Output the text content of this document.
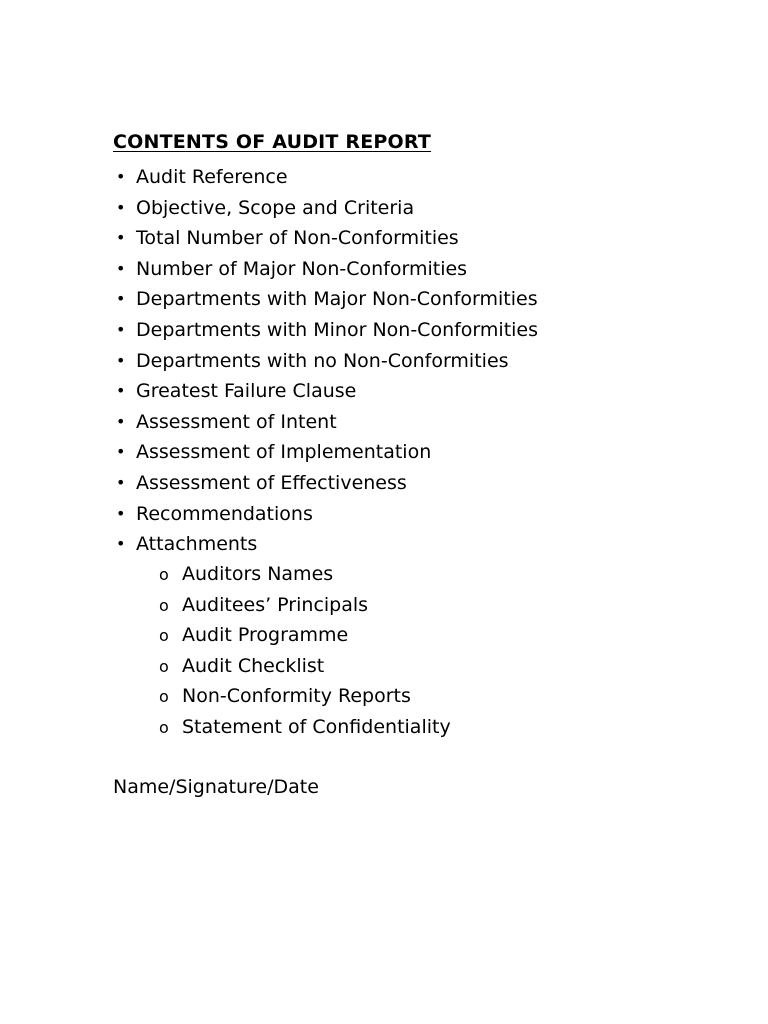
CONTENTS OF AUDIT REPORT
• Audit Reference
• Objective, Scope and Criteria
• Total Number of Non-Conformities
• Number of Major Non-Conformities
• Departments with Major Non-Conformities
• Departments with Minor Non-Conformities
• Departments with no Non-Conformities
• Greatest Failure Clause
• Assessment of Intent
• Assessment of Implementation
• Assessment of Effectiveness
• Recommendations
• Attachments
o Auditors Names
o Auditees’ Principals
o Audit Programme
o Audit Checklist
o Non-Conformity Reports
o Statement of Confidentiality
Name/Signature/Date
